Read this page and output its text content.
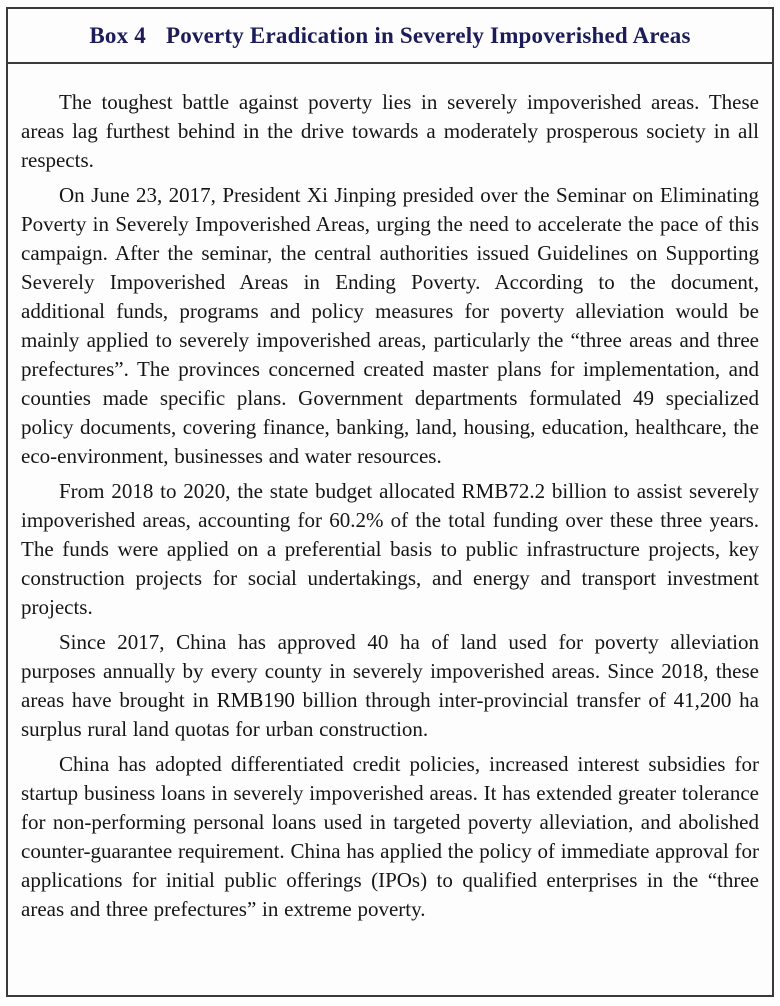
Box 4 Poverty Eradication in Severely Impoverished Areas

The toughest battle against poverty lies in severely impoverished areas. These areas lag furthest behind in the drive towards a moderately prosperous society in all respects.

On June 23, 2017, President Xi Jinping presided over the Seminar on Eliminating Poverty in Severely Impoverished Areas, urging the need to accelerate the pace of this campaign. After the seminar, the central authorities issued Guidelines on Supporting Severely Impoverished Areas in Ending Poverty. According to the document, additional funds, programs and policy measures for poverty alleviation would be mainly applied to severely impoverished areas, particularly the “three areas and three prefectures”. The provinces concerned created master plans for implementation, and counties made specific plans. Government departments formulated 49 specialized policy documents, covering finance, banking, land, housing, education, healthcare, the eco-environment, businesses and water resources.

From 2018 to 2020, the state budget allocated RMB72.2 billion to assist severely impoverished areas, accounting for 60.2% of the total funding over these three years. The funds were applied on a preferential basis to public infrastructure projects, key construction projects for social undertakings, and energy and transport investment projects.

Since 2017, China has approved 40 ha of land used for poverty alleviation purposes annually by every county in severely impoverished areas. Since 2018, these areas have brought in RMB190 billion through inter-provincial transfer of 41,200 ha surplus rural land quotas for urban construction.

China has adopted differentiated credit policies, increased interest subsidies for startup business loans in severely impoverished areas. It has extended greater tolerance for non-performing personal loans used in targeted poverty alleviation, and abolished counter-guarantee requirement. China has applied the policy of immediate approval for applications for initial public offerings (IPOs) to qualified enterprises in the “three areas and three prefectures” in extreme poverty.
